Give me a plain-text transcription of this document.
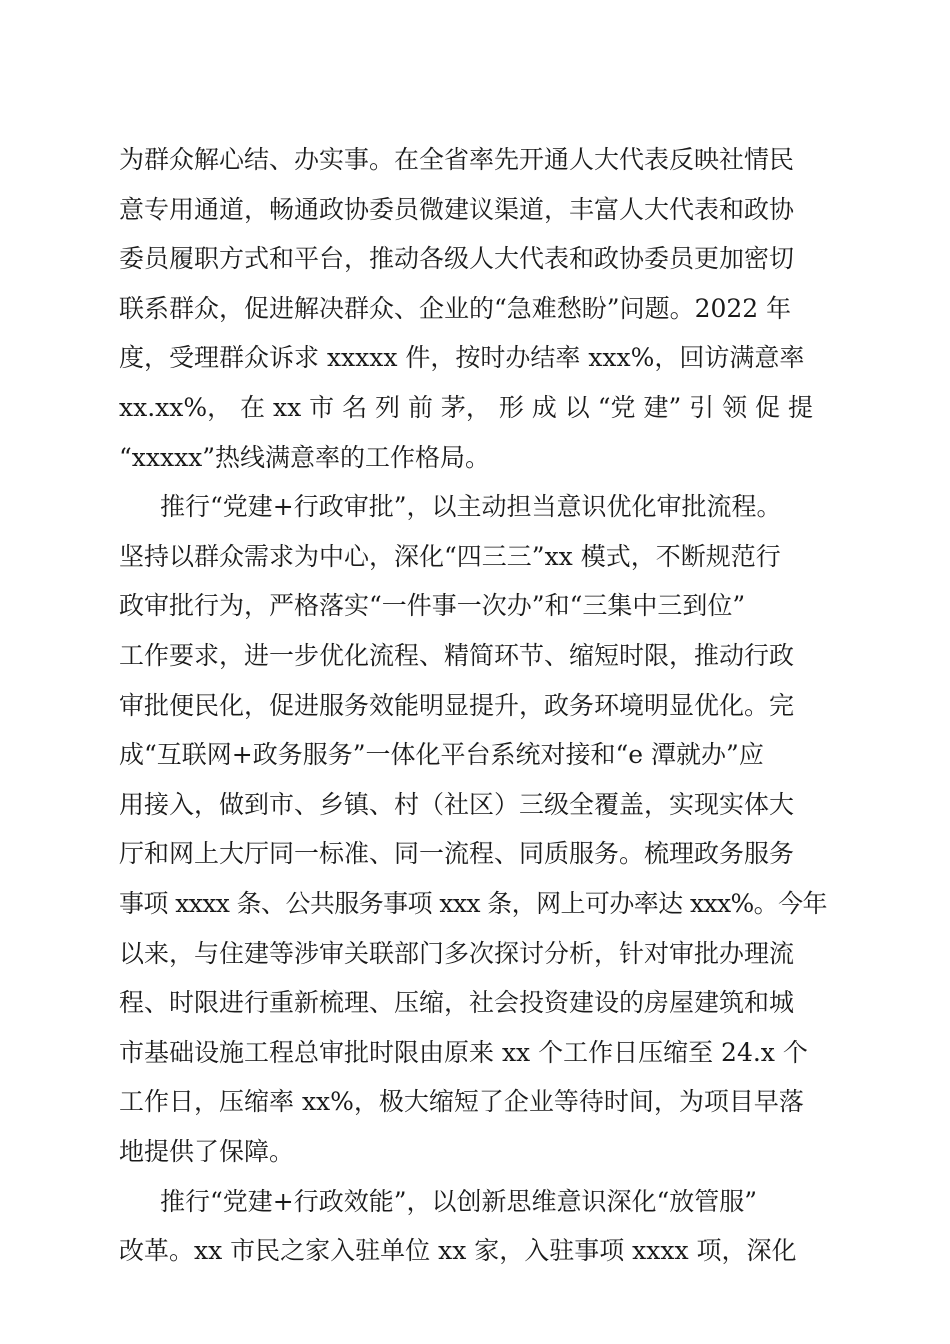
为群众解心结、办实事。在全省率先开通人大代表反映社情民
意专用通道，畅通政协委员微建议渠道，丰富人大代表和政协
委员履职方式和平台，推动各级人大代表和政协委员更加密切
联系群众，促进解决群众、企业的“急难愁盼”问题。2022 年
度，受理群众诉求 xxxxx 件，按时办结率 xxx%，回访满意率
xx.xx%， 在 xx 市 名 列 前 茅， 形 成 以 “党 建” 引 领 促 提
“xxxxx”热线满意率的工作格局。
推行“党建+行政审批”，以主动担当意识优化审批流程。
坚持以群众需求为中心，深化“四三三”xx 模式，不断规范行
政审批行为，严格落实“一件事一次办”和“三集中三到位”
工作要求，进一步优化流程、精简环节、缩短时限，推动行政
审批便民化，促进服务效能明显提升，政务环境明显优化。完
成“互联网+政务服务”一体化平台系统对接和“e 潭就办”应
用接入，做到市、乡镇、村（社区）三级全覆盖，实现实体大
厅和网上大厅同一标准、同一流程、同质服务。梳理政务服务
事项 xxxx 条、公共服务事项 xxx 条，网上可办率达 xxx%。今年
以来，与住建等涉审关联部门多次探讨分析，针对审批办理流
程、时限进行重新梳理、压缩，社会投资建设的房屋建筑和城
市基础设施工程总审批时限由原来 xx 个工作日压缩至 24.x 个
工作日，压缩率 xx%，极大缩短了企业等待时间，为项目早落
地提供了保障。
推行“党建+行政效能”，以创新思维意识深化“放管服”
改革。xx 市民之家入驻单位 xx 家，入驻事项 xxxx 项，深化
